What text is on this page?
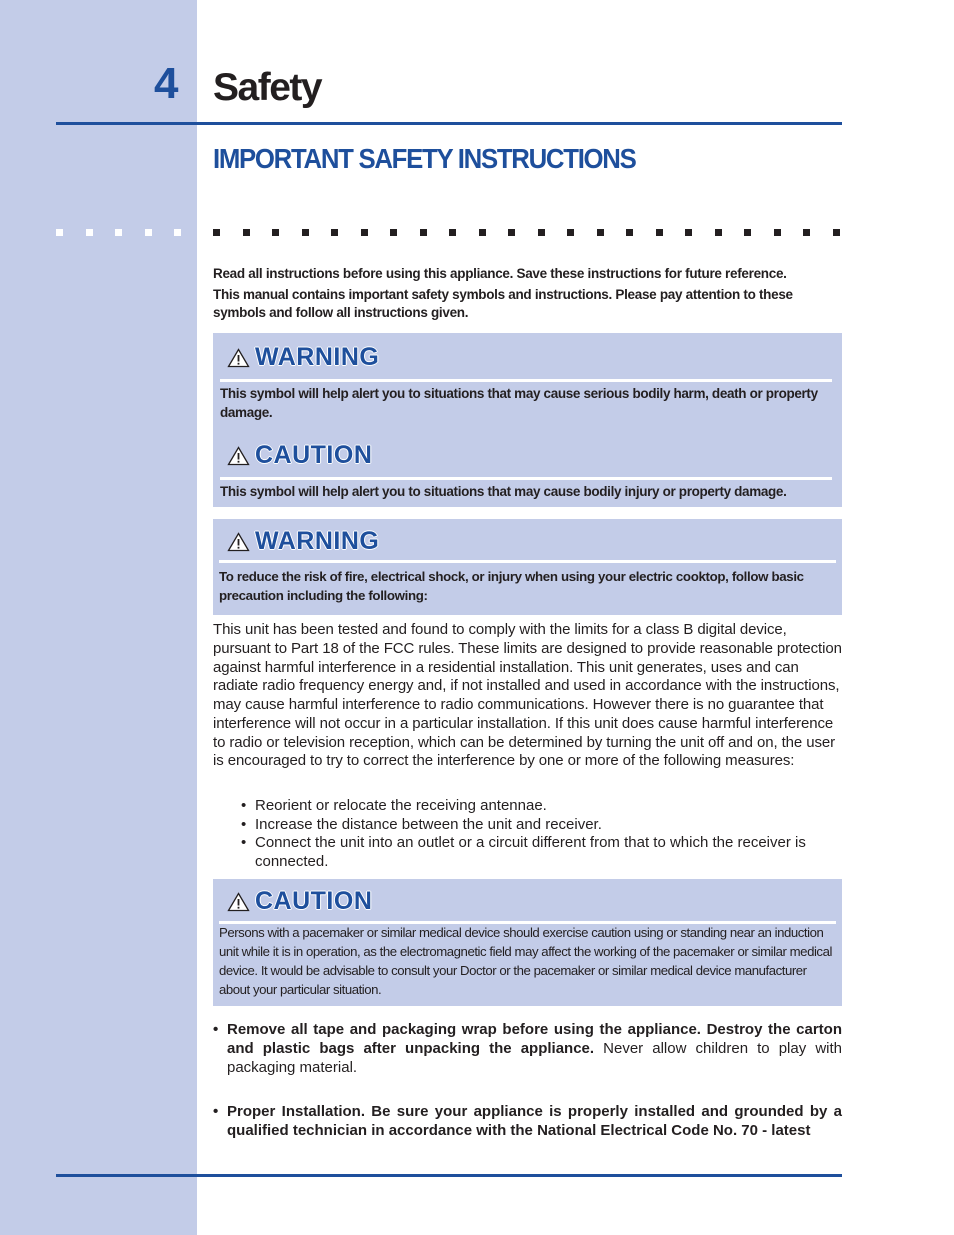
4 Safety
IMPORTANT SAFETY INSTRUCTIONS

Read all instructions before using this appliance. Save these instructions for future reference.

This manual contains important safety symbols and instructions. Please pay attention to these symbols and follow all instructions given.

WARNING
This symbol will help alert you to situations that may cause serious bodily harm, death or property damage.
CAUTION
This symbol will help alert you to situations that may cause bodily injury or property damage.
WARNING
To reduce the risk of fire, electrical shock, or injury when using your electric cooktop, follow basic precaution including the following:

This unit has been tested and found to comply with the limits for a class B digital device, pursuant to Part 18 of the FCC rules. These limits are designed to provide reasonable protection against harmful interference in a residential installation. This unit generates, uses and can radiate radio frequency energy and, if not installed and used in accordance with the instructions, may cause harmful interference to radio communications. However there is no guarantee that interference will not occur in a particular installation. If this unit does cause harmful interference to radio or television reception, which can be determined by turning the unit off and on, the user is encouraged to try to correct the interference by one or more of the following measures:

• Reorient or relocate the receiving antennae.
• Increase the distance between the unit and receiver.
• Connect the unit into an outlet or a circuit different from that to which the receiver is connected.
CAUTION
Persons with a pacemaker or similar medical device should exercise caution using or standing near an induction unit while it is in operation, as the electromagnetic field may affect the working of the pacemaker or similar medical device. It would be advisable to consult your Doctor or the pacemaker or similar medical device manufacturer about your particular situation.
• Remove all tape and packaging wrap before using the appliance. Destroy the carton and plastic bags after unpacking the appliance. Never allow children to play with packaging material.
• Proper Installation. Be sure your appliance is properly installed and grounded by a qualified technician in accordance with the National Electrical Code No. 70 - latest
